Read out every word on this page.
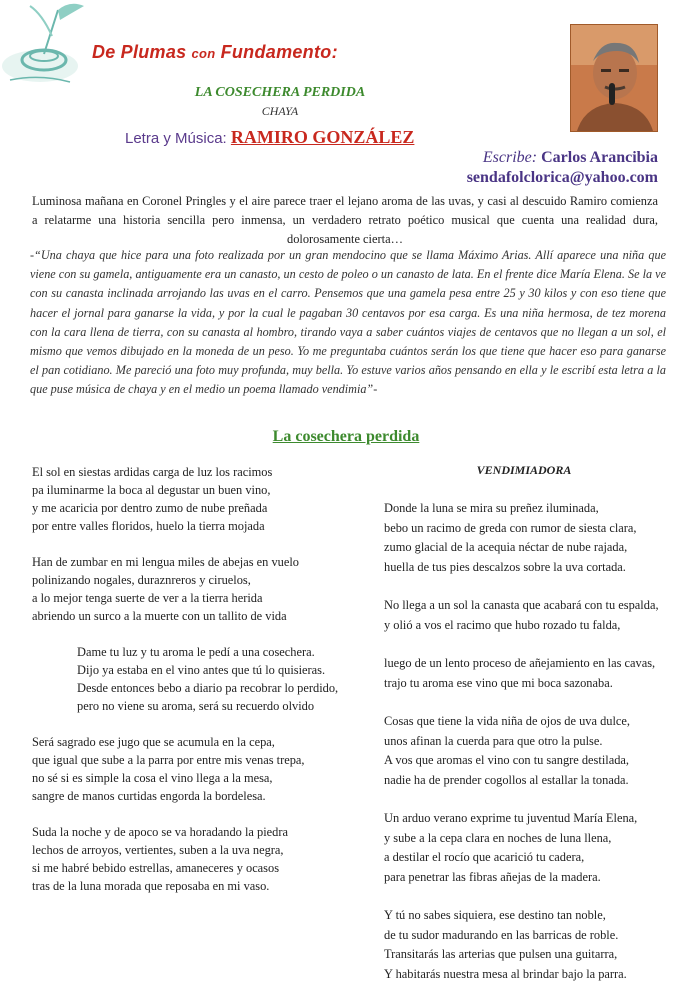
De Plumas con Fundamento:
LA COSECHERA PERDIDA
CHAYA
Letra y Música: RAMIRO GONZÁLEZ
Escribe: Carlos Arancibia
sendafolclorica@yahoo.com
Luminosa mañana en Coronel Pringles y el aire parece traer el lejano aroma de las uvas, y casi al descuido Ramiro comienza a relatarme una historia sencilla pero inmensa, un verdadero retrato poético musical que cuenta una realidad dura, dolorosamente cierta…
-“Una chaya que hice para una foto realizada por un gran mendocino que se llama Máximo Arias. Allí aparece una niña que viene con su gamela, antiguamente era un canasto, un cesto de poleo o un canasto de lata. En el frente dice María Elena. Se la ve con su canasta inclinada arrojando las uvas en el carro. Pensemos que una gamela pesa entre 25 y 30 kilos y con eso tiene que hacer el jornal para ganarse la vida, y por la cual le pagaban 30 centavos por esa carga. Es una niña hermosa, de tez morena con la cara llena de tierra, con su canasta al hombro, tirando vaya a saber cuántos viajes de centavos que no llegan a un sol, el mismo que vemos dibujado en la moneda de un peso. Yo me preguntaba cuántos serán los que tiene que hacer eso para ganarse el pan cotidiano. Me pareció una foto muy profunda, muy bella. Yo estuve varios años pensando en ella y le escribí esta letra a la que puse música de chaya y en el medio un poema llamado vendimia”-
La cosechera perdida
El sol en siestas ardidas carga de luz los racimos
pa iluminarme la boca al degustar un buen vino,
y me acaricia por dentro zumo de nube preñada
por entre valles floridos, huelo la tierra mojada
Han de zumbar en mi lengua miles de abejas en vuelo
polinizando nogales, duraznreros y ciruelos,
a lo mejor tenga suerte de ver a la tierra herida
abriendo un surco a la muerte con un tallito de vida
Dame tu luz y tu aroma le pedí a una cosechera.
Dijo ya estaba en el vino antes que tú lo quisieras.
Desde entonces bebo a diario pa recobrar lo perdido,
pero no viene su aroma, será su recuerdo olvido
Será sagrado ese jugo que se acumula en la cepa,
que igual que sube a la parra por entre mis venas trepa,
no sé si es simple la cosa el vino llega a la mesa,
sangre de manos curtidas engorda la bordelesa.
Suda la noche y de apoco se va horadando la piedra
lechos de arroyos, vertientes, suben a la uva negra,
si me habré bebido estrellas, amaneceres y ocasos
tras de la luna morada que reposaba en mi vaso.
VENDIMIADORA
Donde la luna se mira su preñez iluminada,
bebo un racimo de greda con rumor de siesta clara,
zumo glacial de la acequia néctar de nube rajada,
huella de tus pies descalzos sobre la uva cortada.
No llega a un sol la canasta que acabará con tu espalda,
y olió a vos el racimo que hubo rozado tu falda,
luego de un lento proceso de añejamiento en las cavas,
trajo tu aroma ese vino que mi boca sazonaba.
Cosas que tiene la vida niña de ojos de uva dulce,
unos afinan la cuerda para que otro la pulse.
A vos que aromas el vino con tu sangre destilada,
nadie ha de prender cogollos al estallar la tonada.
Un arduo verano exprime tu juventud María Elena,
y sube a la cepa clara en noches de luna llena,
a destilar el rocío que acarició tu cadera,
para penetrar las fibras añejas de la madera.
Y tú no sabes siquiera, ese destino tan noble,
de tu sudor madurando en las barricas de roble.
Transitarás las arterias que pulsen una guitarra,
Y habitarás nuestra mesa al brindar bajo la parra.
